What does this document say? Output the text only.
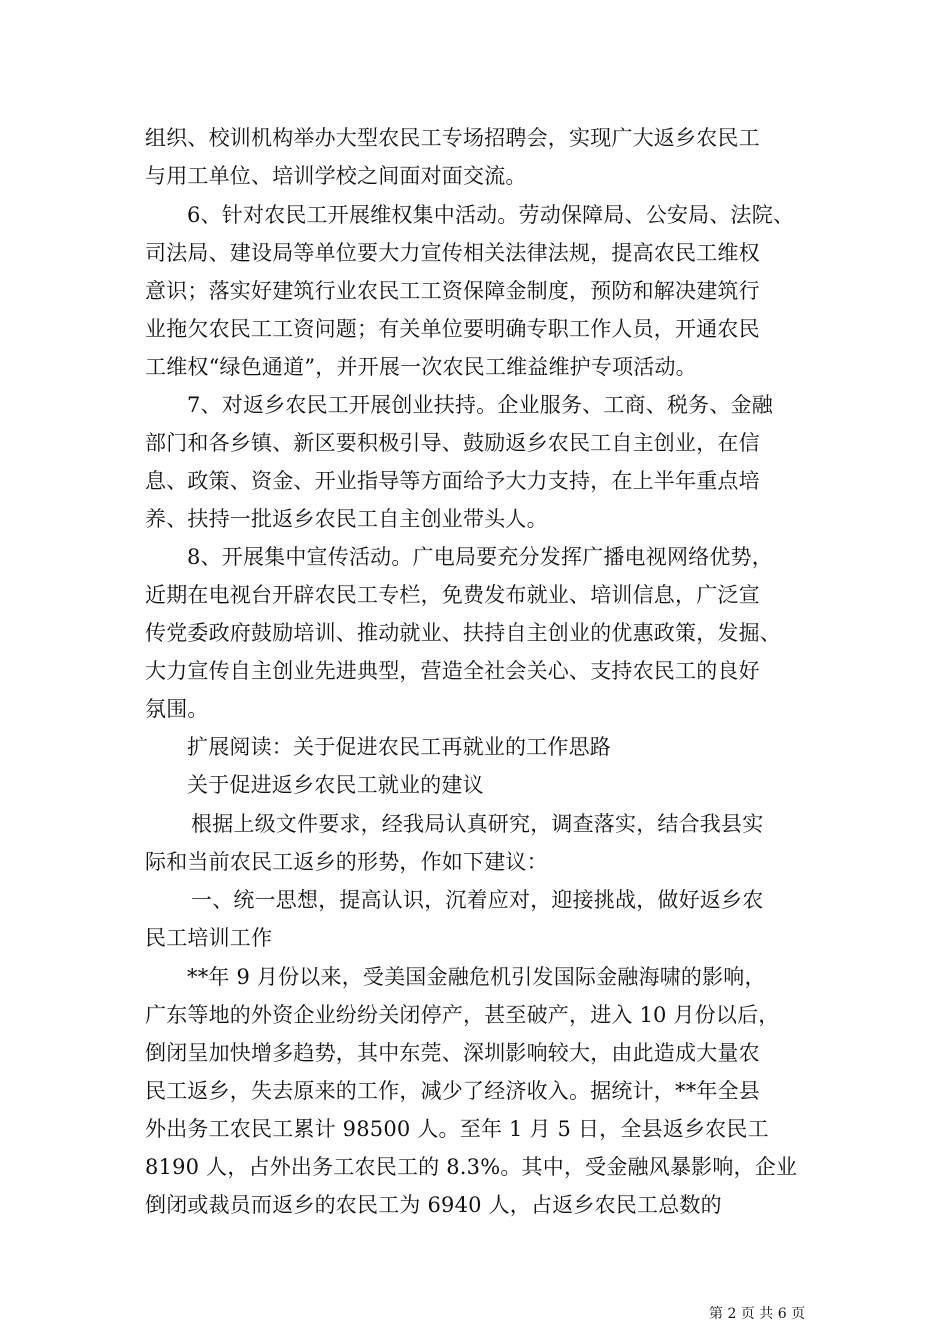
组织、校训机构举办大型农民工专场招聘会，实现广大返乡农民工
与用工单位、培训学校之间面对面交流。
6、针对农民工开展维权集中活动。劳动保障局、公安局、法院、
司法局、建设局等单位要大力宣传相关法律法规，提高农民工维权
意识；落实好建筑行业农民工工资保障金制度，预防和解决建筑行
业拖欠农民工工资问题；有关单位要明确专职工作人员，开通农民
工维权“绿色通道”，并开展一次农民工维益维护专项活动。
7、对返乡农民工开展创业扶持。企业服务、工商、税务、金融
部门和各乡镇、新区要积极引导、鼓励返乡农民工自主创业，在信
息、政策、资金、开业指导等方面给予大力支持，在上半年重点培
养、扶持一批返乡农民工自主创业带头人。
8、开展集中宣传活动。广电局要充分发挥广播电视网络优势，
近期在电视台开辟农民工专栏，免费发布就业、培训信息，广泛宣
传党委政府鼓励培训、推动就业、扶持自主创业的优惠政策，发掘、
大力宣传自主创业先进典型，营造全社会关心、支持农民工的良好
氛围。
扩展阅读：关于促进农民工再就业的工作思路
关于促进返乡农民工就业的建议
根据上级文件要求，经我局认真研究，调查落实，结合我县实
际和当前农民工返乡的形势，作如下建议：
一、统一思想，提高认识，沉着应对，迎接挑战，做好返乡农
民工培训工作
**年 9 月份以来，受美国金融危机引发国际金融海啸的影响，
广东等地的外资企业纷纷关闭停产，甚至破产，进入 10 月份以后，
倒闭呈加快增多趋势，其中东莞、深圳影响较大，由此造成大量农
民工返乡，失去原来的工作，减少了经济收入。据统计，**年全县
外出务工农民工累计 98500 人。至年 1 月 5 日，全县返乡农民工
8190 人，占外出务工农民工的 8.3%。其中，受金融风暴影响，企业
倒闭或裁员而返乡的农民工为 6940 人，占返乡农民工总数的
第 2 页 共 6 页
